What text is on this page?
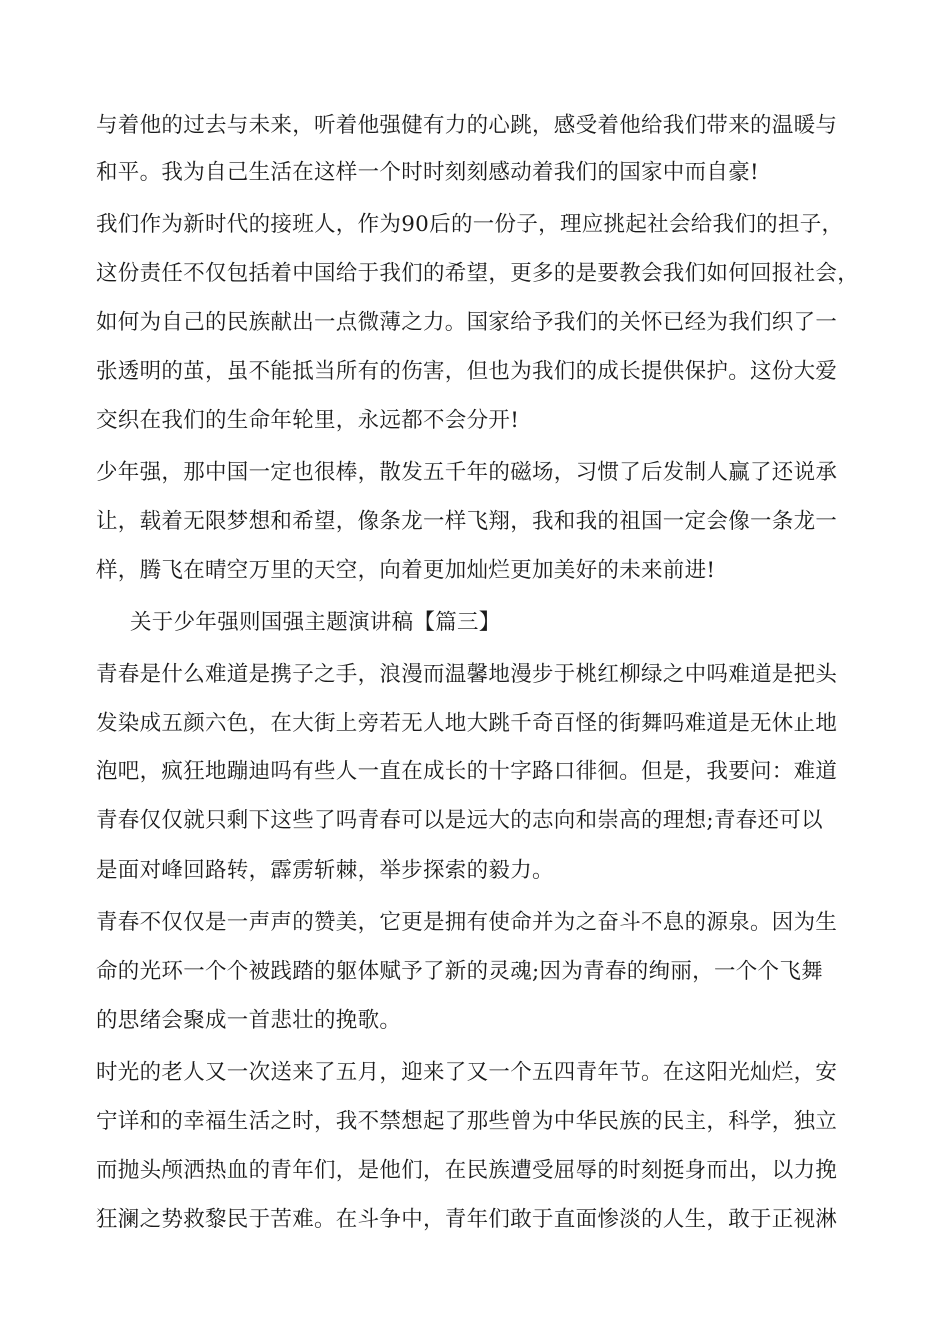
与着他的过去与未来，听着他强健有力的心跳，感受着他给我们带来的温暖与
和平。我为自己生活在这样一个时时刻刻感动着我们的国家中而自豪!
我们作为新时代的接班人，作为90后的一份子，理应挑起社会给我们的担子，
这份责任不仅包括着中国给于我们的希望，更多的是要教会我们如何回报社会，
如何为自己的民族献出一点微薄之力。国家给予我们的关怀已经为我们织了一
张透明的茧，虽不能抵当所有的伤害，但也为我们的成长提供保护。这份大爱
交织在我们的生命年轮里，永远都不会分开!
少年强，那中国一定也很棒，散发五千年的磁场，习惯了后发制人赢了还说承
让，载着无限梦想和希望，像条龙一样飞翔，我和我的祖国一定会像一条龙一
样，腾飞在晴空万里的天空，向着更加灿烂更加美好的未来前进!
关于少年强则国强主题演讲稿【篇三】
青春是什么难道是携子之手，浪漫而温馨地漫步于桃红柳绿之中吗难道是把头
发染成五颜六色，在大街上旁若无人地大跳千奇百怪的街舞吗难道是无休止地
泡吧，疯狂地蹦迪吗有些人一直在成长的十字路口徘徊。但是，我要问：难道
青春仅仅就只剩下这些了吗青春可以是远大的志向和崇高的理想;青春还可以
是面对峰回路转，霹雳斩棘，举步探索的毅力。
青春不仅仅是一声声的赞美，它更是拥有使命并为之奋斗不息的源泉。因为生
命的光环一个个被践踏的躯体赋予了新的灵魂;因为青春的绚丽，一个个飞舞
的思绪会聚成一首悲壮的挽歌。
时光的老人又一次送来了五月，迎来了又一个五四青年节。在这阳光灿烂，安
宁详和的幸福生活之时，我不禁想起了那些曾为中华民族的民主，科学，独立
而抛头颅洒热血的青年们，是他们，在民族遭受屈辱的时刻挺身而出，以力挽
狂澜之势救黎民于苦难。在斗争中，青年们敢于直面惨淡的人生，敢于正视淋
